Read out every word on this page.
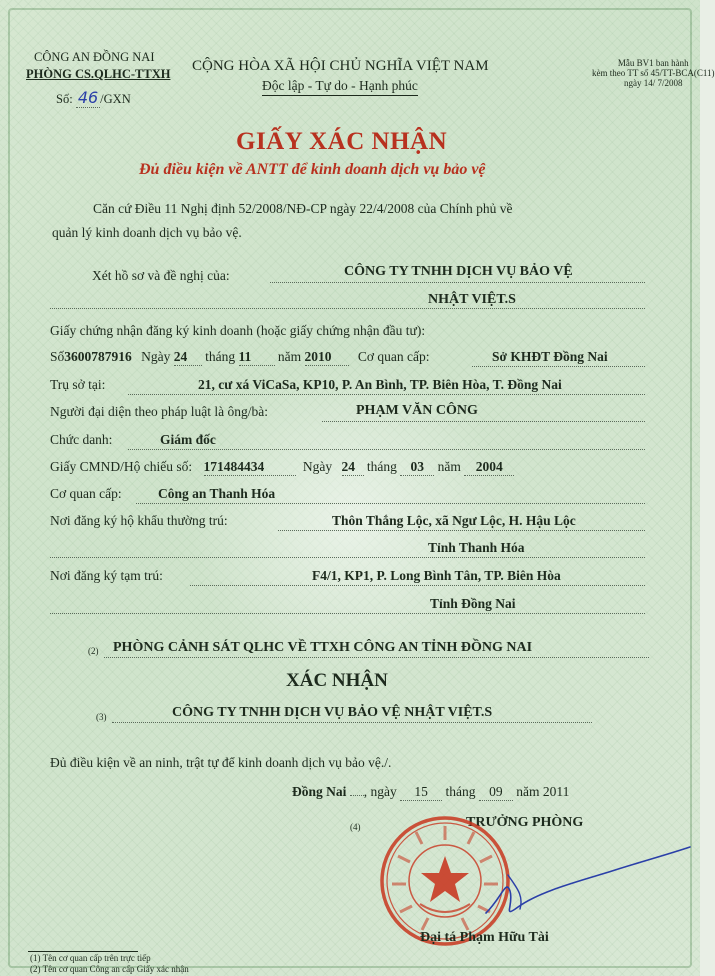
CÔNG AN ĐỒNG NAI
PHÒNG CS.QLHC-TTXH
Số: 46 /GXN
CỘNG HÒA XÃ HỘI CHỦ NGHĨA VIỆT NAM
Độc lập - Tự do - Hạnh phúc
Mẫu BV1 ban hành
kèm theo TT số 45/TT-BCA(C11)
ngày 14/ 7/2008
GIẤY XÁC NHẬN
Đủ điều kiện về ANTT để kinh doanh dịch vụ bảo vệ
Căn cứ Điều 11 Nghị định 52/2008/NĐ-CP ngày 22/4/2008 của Chính phủ về
quản lý kinh doanh dịch vụ bảo vệ.
Xét hồ sơ và đề nghị của:	CÔNG TY TNHH DỊCH VỤ BẢO VỆ
NHẬT VIỆT.S
Giấy chứng nhận đăng ký kinh doanh (hoặc giấy chứng nhận đầu tư):
Số3600787916 Ngày 24 tháng 11 năm 2010 Cơ quan cấp:	Sở KHĐT Đồng Nai
Trụ sở tại:	21, cư xá ViCaSa, KP10, P. An Bình, TP. Biên Hòa, T. Đồng Nai
Người đại diện theo pháp luật là ông/bà:	PHẠM VĂN CÔNG
Chức danh:	Giám đốc
Giấy CMND/Hộ chiếu số: 171484434	Ngày 24 tháng 03 năm 2004
Cơ quan cấp:	Công an Thanh Hóa
Nơi đăng ký hộ khẩu thường trú:	Thôn Thắng Lộc, xã Ngư Lộc, H. Hậu Lộc
Tỉnh Thanh Hóa
Nơi đăng ký tạm trú:	F4/1, KP1, P. Long Bình Tân, TP. Biên Hòa
Tỉnh Đồng Nai
(2) PHÒNG CẢNH SÁT QLHC VỀ TTXH CÔNG AN TỈNH ĐỒNG NAI
XÁC NHẬN
(3)	CÔNG TY TNHH DỊCH VỤ BẢO VỆ NHẬT VIỆT.S
Đủ điều kiện về an ninh, trật tự để kinh doanh dịch vụ bảo vệ./.
Đồng Nai , ngày 15 tháng 09 năm 2011
(4)	TRƯỞNG PHÒNG
Đại tá Phạm Hữu Tài
(1) Tên cơ quan cấp trên trực tiếp
(2) Tên cơ quan Công an cấp Giấy xác nhận
